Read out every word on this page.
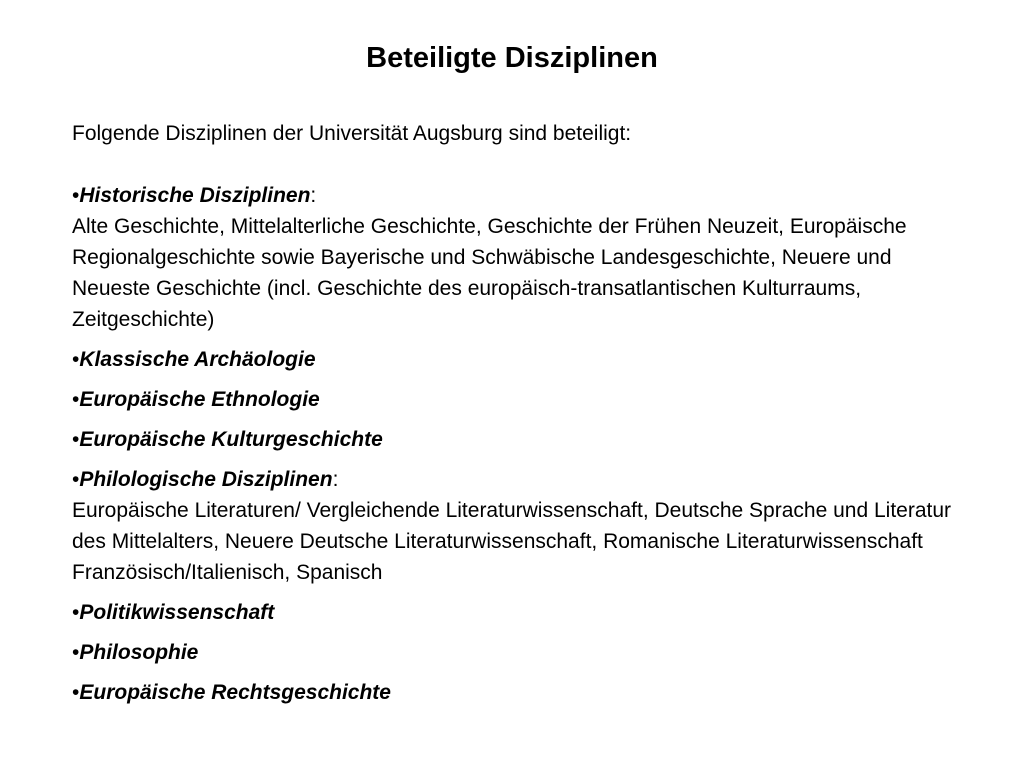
Beteiligte Disziplinen

Folgende Disziplinen der Universität Augsburg sind beteiligt:

•Historische Disziplinen:
Alte Geschichte, Mittelalterliche Geschichte, Geschichte der Frühen Neuzeit, Europäische Regionalgeschichte sowie Bayerische und Schwäbische Landesgeschichte, Neuere und Neueste Geschichte (incl. Geschichte des europäisch-transatlantischen Kulturraums, Zeitgeschichte)
•Klassische Archäologie
•Europäische Ethnologie
•Europäische Kulturgeschichte
•Philologische Disziplinen:
Europäische Literaturen/ Vergleichende Literaturwissenschaft, Deutsche Sprache und Literatur des Mittelalters, Neuere Deutsche Literaturwissenschaft, Romanische Literaturwissenschaft Französisch/Italienisch, Spanisch
•Politikwissenschaft
•Philosophie
•Europäische Rechtsgeschichte
